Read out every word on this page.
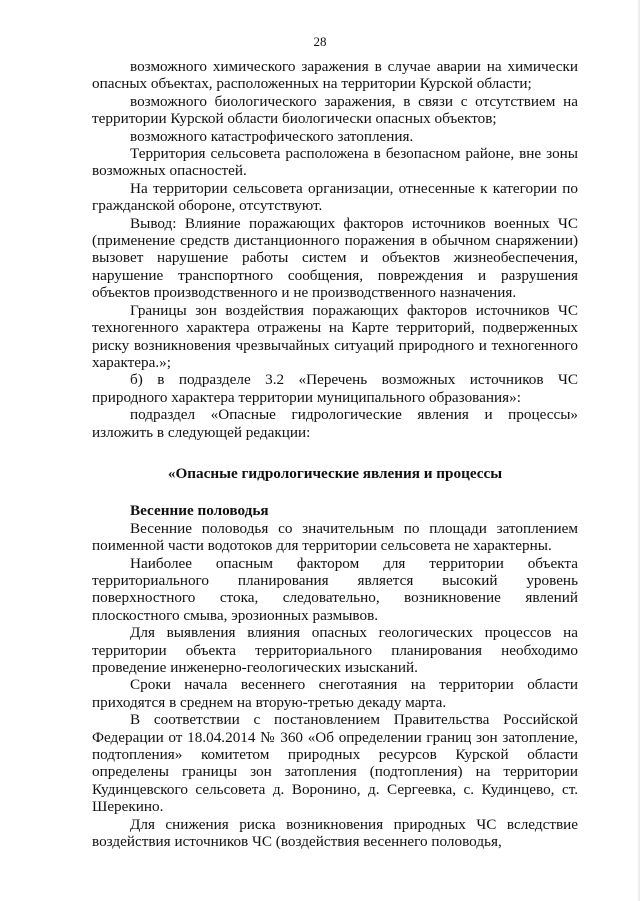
28

возможного химического заражения в случае аварии на химически опасных объектах, расположенных на территории Курской области;

возможного биологического заражения, в связи с отсутствием на территории Курской области биологически опасных объектов;

возможного катастрофического затопления.

Территория сельсовета расположена в безопасном районе, вне зоны возможных опасностей.

На территории сельсовета организации, отнесенные к категории по гражданской обороне, отсутствуют.

Вывод: Влияние поражающих факторов источников военных ЧС (применение средств дистанционного поражения в обычном снаряжении) вызовет нарушение работы систем и объектов жизнеобеспечения, нарушение транспортного сообщения, повреждения и разрушения объектов производственного и не производственного назначения.

Границы зон воздействия поражающих факторов источников ЧС техногенного характера отражены на Карте территорий, подверженных риску возникновения чрезвычайных ситуаций природного и техногенного характера.»;

б) в подразделе 3.2 «Перечень возможных источников ЧС природного характера территории муниципального образования»:

подраздел «Опасные гидрологические явления и процессы» изложить в следующей редакции:

«Опасные гидрологические явления и процессы

Весенние половодья

Весенние половодья со значительным по площади затоплением поименной части водотоков для территории сельсовета не характерны.

Наиболее опасным фактором для территории объекта территориального планирования является высокий уровень поверхностного стока, следовательно, возникновение явлений плоскостного смыва, эрозионных размывов.

Для выявления влияния опасных геологических процессов на территории объекта территориального планирования необходимо проведение инженерно-геологических изысканий.

Сроки начала весеннего снеготаяния на территории области приходятся в среднем на вторую-третью декаду марта.

В соответствии с постановлением Правительства Российской Федерации от 18.04.2014 № 360 «Об определении границ зон затопление, подтопления» комитетом природных ресурсов Курской области определены границы зон затопления (подтопления) на территории Кудинцевского сельсовета д. Воронино, д. Сергеевка, с. Кудинцево, ст. Шерекино.

Для снижения риска возникновения природных ЧС вследствие воздействия источников ЧС (воздействия весеннего половодья,
